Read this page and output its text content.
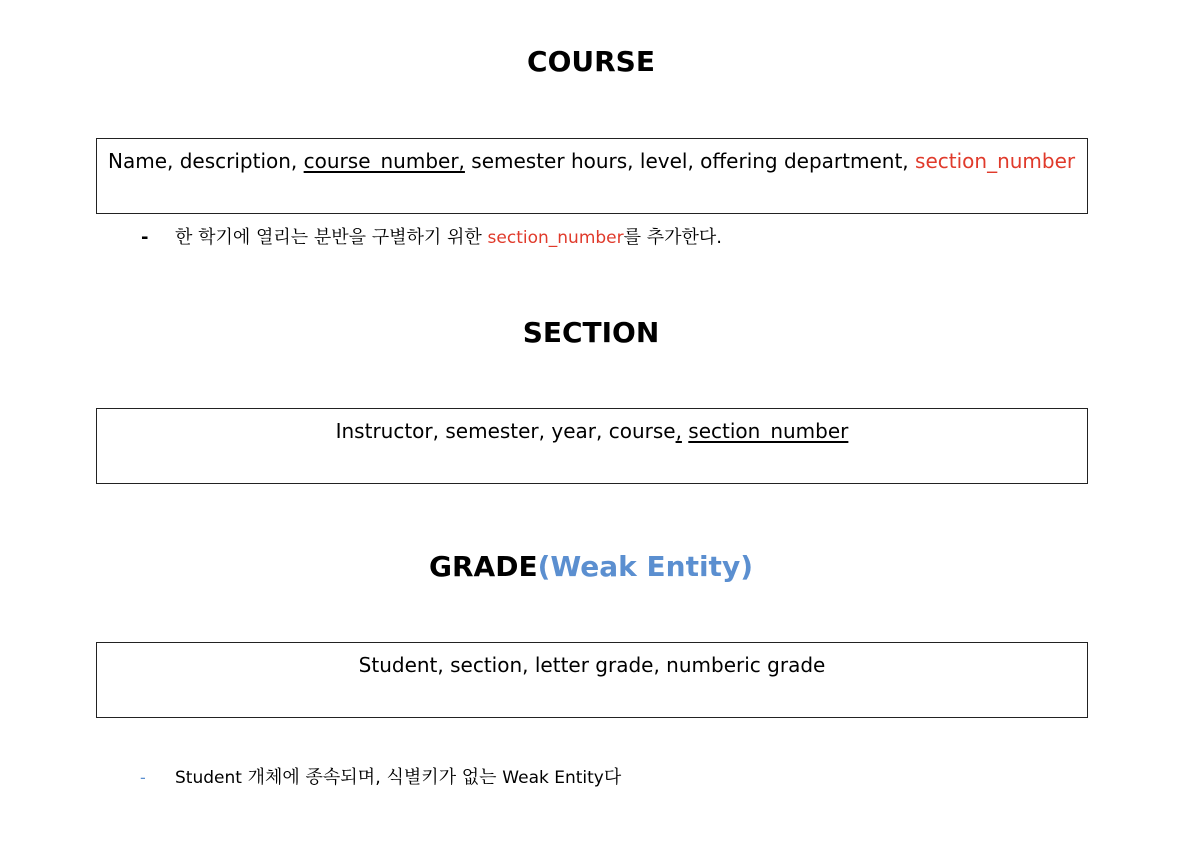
COURSE
Name, description, course_number, semester hours, level, offering department, section_number
- 한 학기에 열리는 분반을 구별하기 위한 section_number를 추가한다.
SECTION
Instructor, semester, year, course, section_number
GRADE(Weak Entity)
Student, section, letter grade, numberic grade
- Student 개체에 종속되며, 식별키가 없는 Weak Entity다
